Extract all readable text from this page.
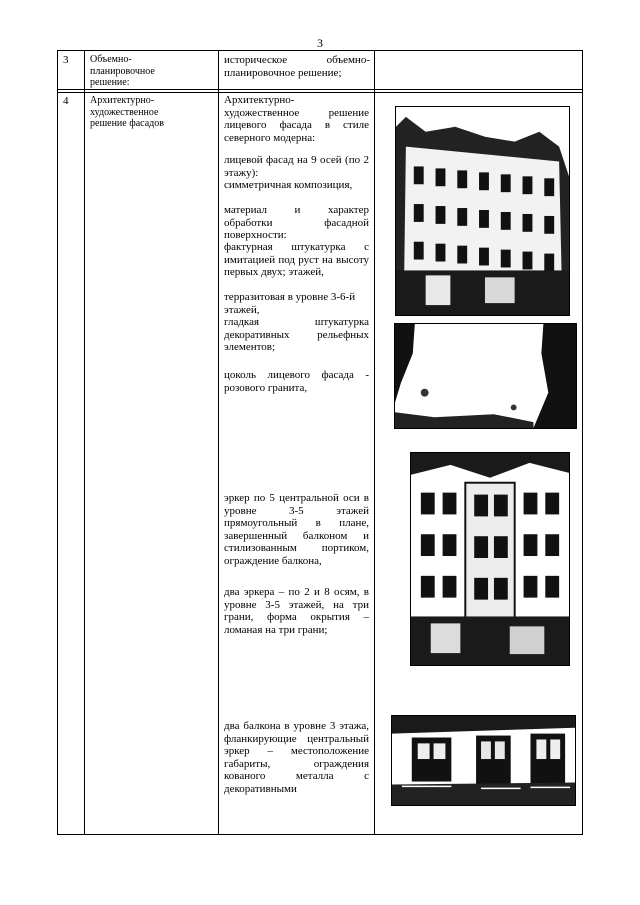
3
3 Объемно-планировочное решение:
историческое объемно-планировочное решение;
4 Архитектурно-художественное решение фасадов
Архитектурно-художественное решение лицевого фасада в стиле северного модерна:
лицевой фасад на 9 осей (по 2 этажу):
симметричная композиция,
материал и характер обработки фасадной поверхности:
фактурная штукатурка с имитацией под руст на высоту первых двух; этажей,
терразитовая в уровне 3-6-й этажей,
гладкая штукатурка декоративных рельефных элементов;
цоколь лицевого фасада - розового гранита,
эркер по 5 центральной оси в уровне 3-5 этажей прямоугольный в плане, завершенный балконом и стилизованным портиком, ограждение балкона,
два эркера – по 2 и 8 осям, в уровне 3-5 этажей, на три грани, форма окрытия – ломаная на три грани;
два балкона в уровне 3 этажа, фланкирующие центральный эркер – местоположение габариты, ограждения кованого металла с декоративными
